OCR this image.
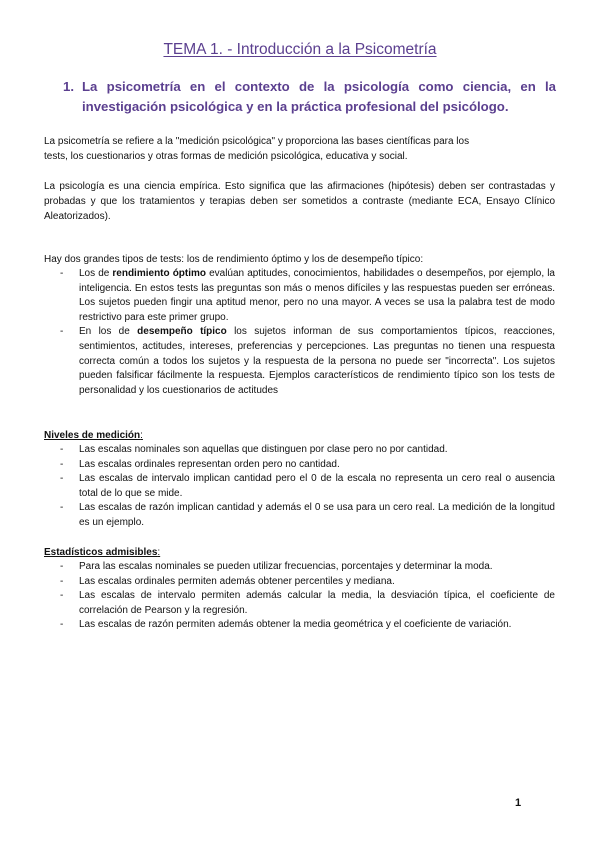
TEMA 1. - Introducción a la Psicometría
1. La psicometría en el contexto de la psicología como ciencia, en la investigación psicológica y en la práctica profesional del psicólogo.
La psicometría se refiere a la "medición psicológica" y proporciona las bases científicas para los
tests, los cuestionarios y otras formas de medición psicológica, educativa y social.
La psicología es una ciencia empírica. Esto significa que las afirmaciones (hipótesis) deben ser contrastadas y probadas y que los tratamientos y terapias deben ser sometidos a contraste (mediante ECA, Ensayo Clínico Aleatorizados).
Hay dos grandes tipos de tests: los de rendimiento óptimo y los de desempeño típico:
- Los de rendimiento óptimo evalúan aptitudes, conocimientos, habilidades o desempeños, por ejemplo, la inteligencia. En estos tests las preguntas son más o menos difíciles y las respuestas pueden ser erróneas. Los sujetos pueden fingir una aptitud menor, pero no una mayor. A veces se usa la palabra test de modo restrictivo para este primer grupo.
- En los de desempeño típico los sujetos informan de sus comportamientos típicos, reacciones, sentimientos, actitudes, intereses, preferencias y percepciones. Las preguntas no tienen una respuesta correcta común a todos los sujetos y la respuesta de la persona no puede ser "incorrecta". Los sujetos pueden falsificar fácilmente la respuesta. Ejemplos característicos de rendimiento típico son los tests de personalidad y los cuestionarios de actitudes
Niveles de medición:
- Las escalas nominales son aquellas que distinguen por clase pero no por cantidad.
- Las escalas ordinales representan orden pero no cantidad.
- Las escalas de intervalo implican cantidad pero el 0 de la escala no representa un cero real o ausencia total de lo que se mide.
- Las escalas de razón implican cantidad y además el 0 se usa para un cero real. La medición de la longitud es un ejemplo.
Estadísticos admisibles:
- Para las escalas nominales se pueden utilizar frecuencias, porcentajes y determinar la moda.
- Las escalas ordinales permiten además obtener percentiles y mediana.
- Las escalas de intervalo permiten además calcular la media, la desviación típica, el coeficiente de correlación de Pearson y la regresión.
- Las escalas de razón permiten además obtener la media geométrica y el coeficiente de variación.
1
